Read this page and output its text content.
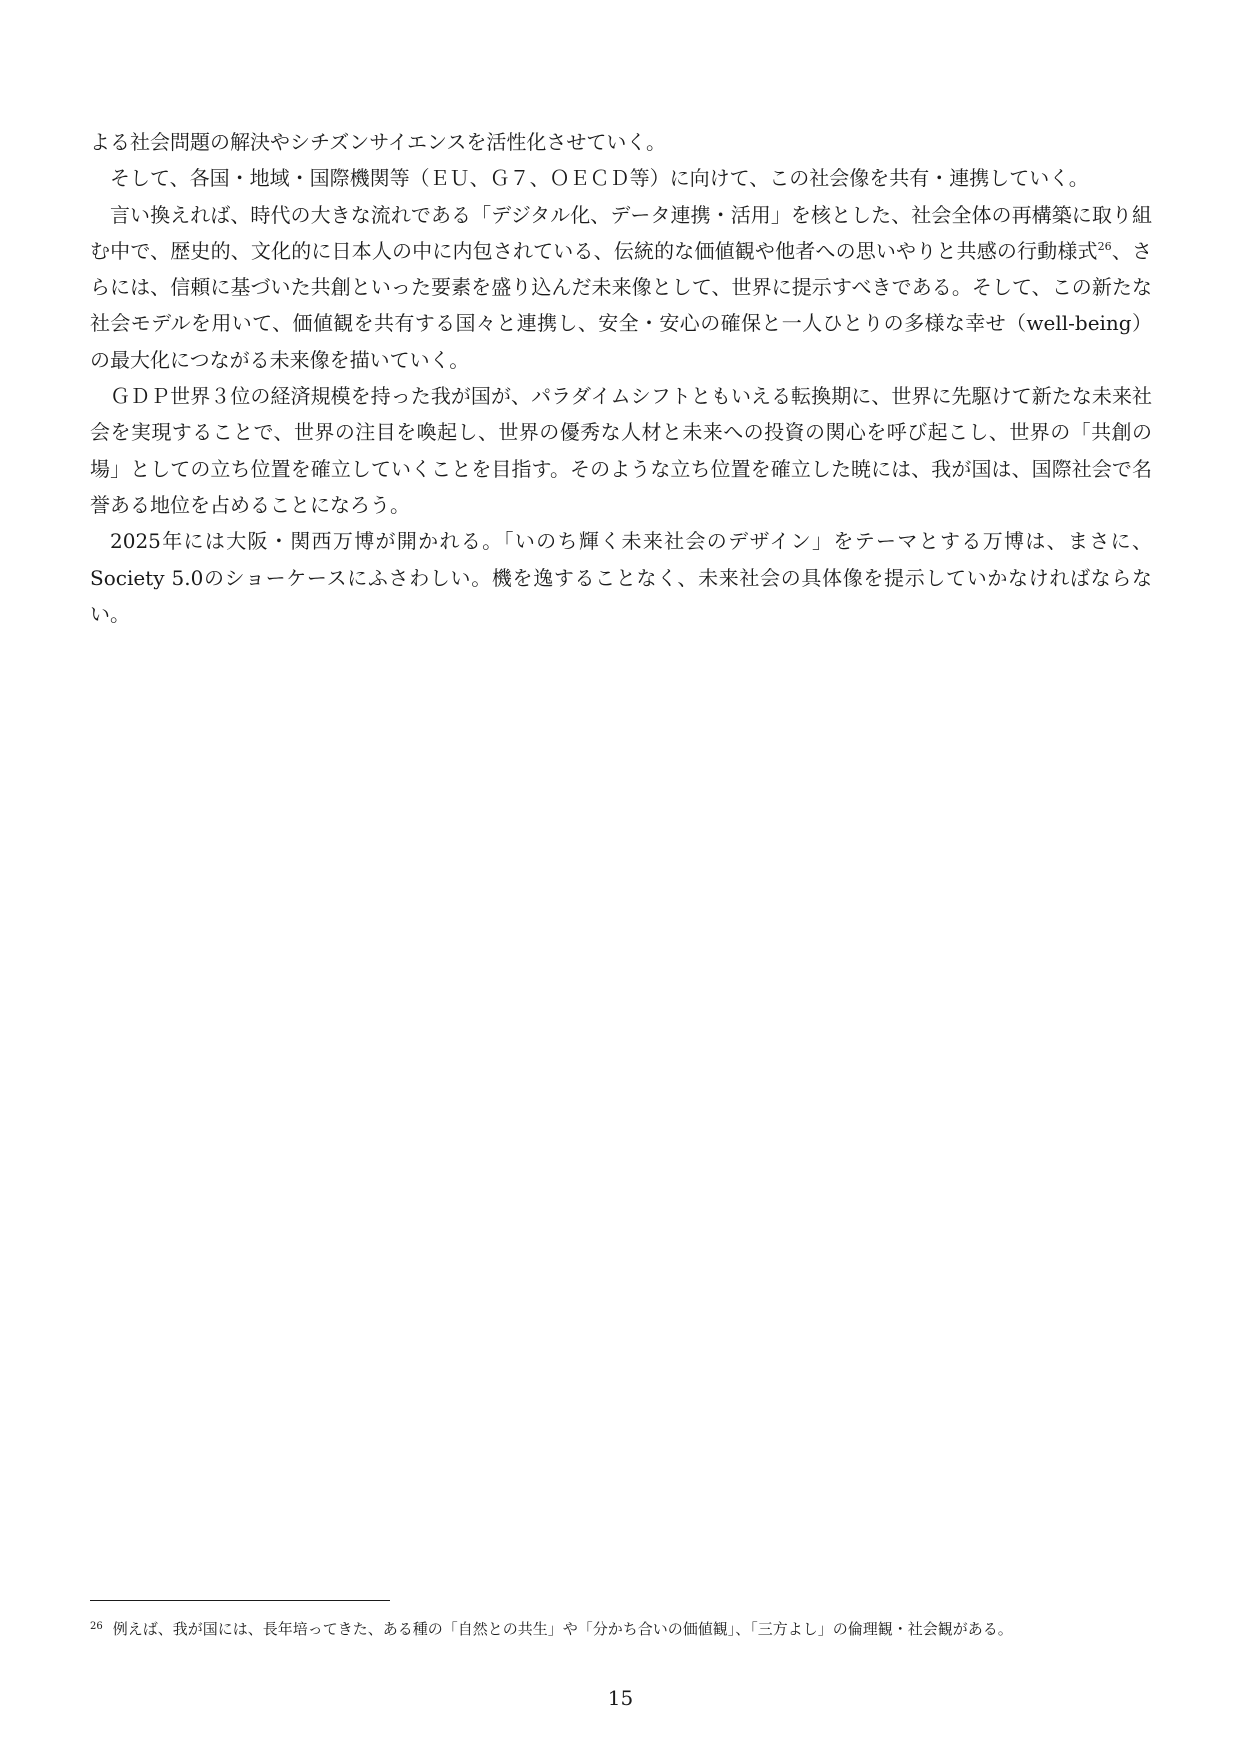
よる社会問題の解決やシチズンサイエンスを活性化させていく。

そして、各国・地域・国際機関等（ＥＵ、Ｇ７、ＯＥＣＤ等）に向けて、この社会像を共有・連携していく。

言い換えれば、時代の大きな流れである「デジタル化、データ連携・活用」を核とした、社会全体の再構築に取り組む中で、歴史的、文化的に日本人の中に内包されている、伝統的な価値観や他者への思いやりと共感の行動様式$^{26}$、さらには、信頼に基づいた共創といった要素を盛り込んだ未来像として、世界に提示すべきである。そして、この新たな社会モデルを用いて、価値観を共有する国々と連携し、安全・安心の確保と一人ひとりの多様な幸せ（well-being）の最大化につながる未来像を描いていく。

ＧＤＰ世界３位の経済規模を持った我が国が、パラダイムシフトともいえる転換期に、世界に先駆けて新たな未来社会を実現することで、世界の注目を喚起し、世界の優秀な人材と未来への投資の関心を呼び起こし、世界の「共創の場」としての立ち位置を確立していくことを目指す。そのような立ち位置を確立した暁には、我が国は、国際社会で名誉ある地位を占めることになろう。

2025年には大阪・関西万博が開かれる。「いのち輝く未来社会のデザイン」をテーマとする万博は、まさに、Society 5.0のショーケースにふさわしい。機を逸することなく、未来社会の具体像を提示していかなければならない。

$^{26}$ 例えば、我が国には、長年培ってきた、ある種の「自然との共生」や「分かち合いの価値観」、「三方よし」の倫理観・社会観がある。
15
